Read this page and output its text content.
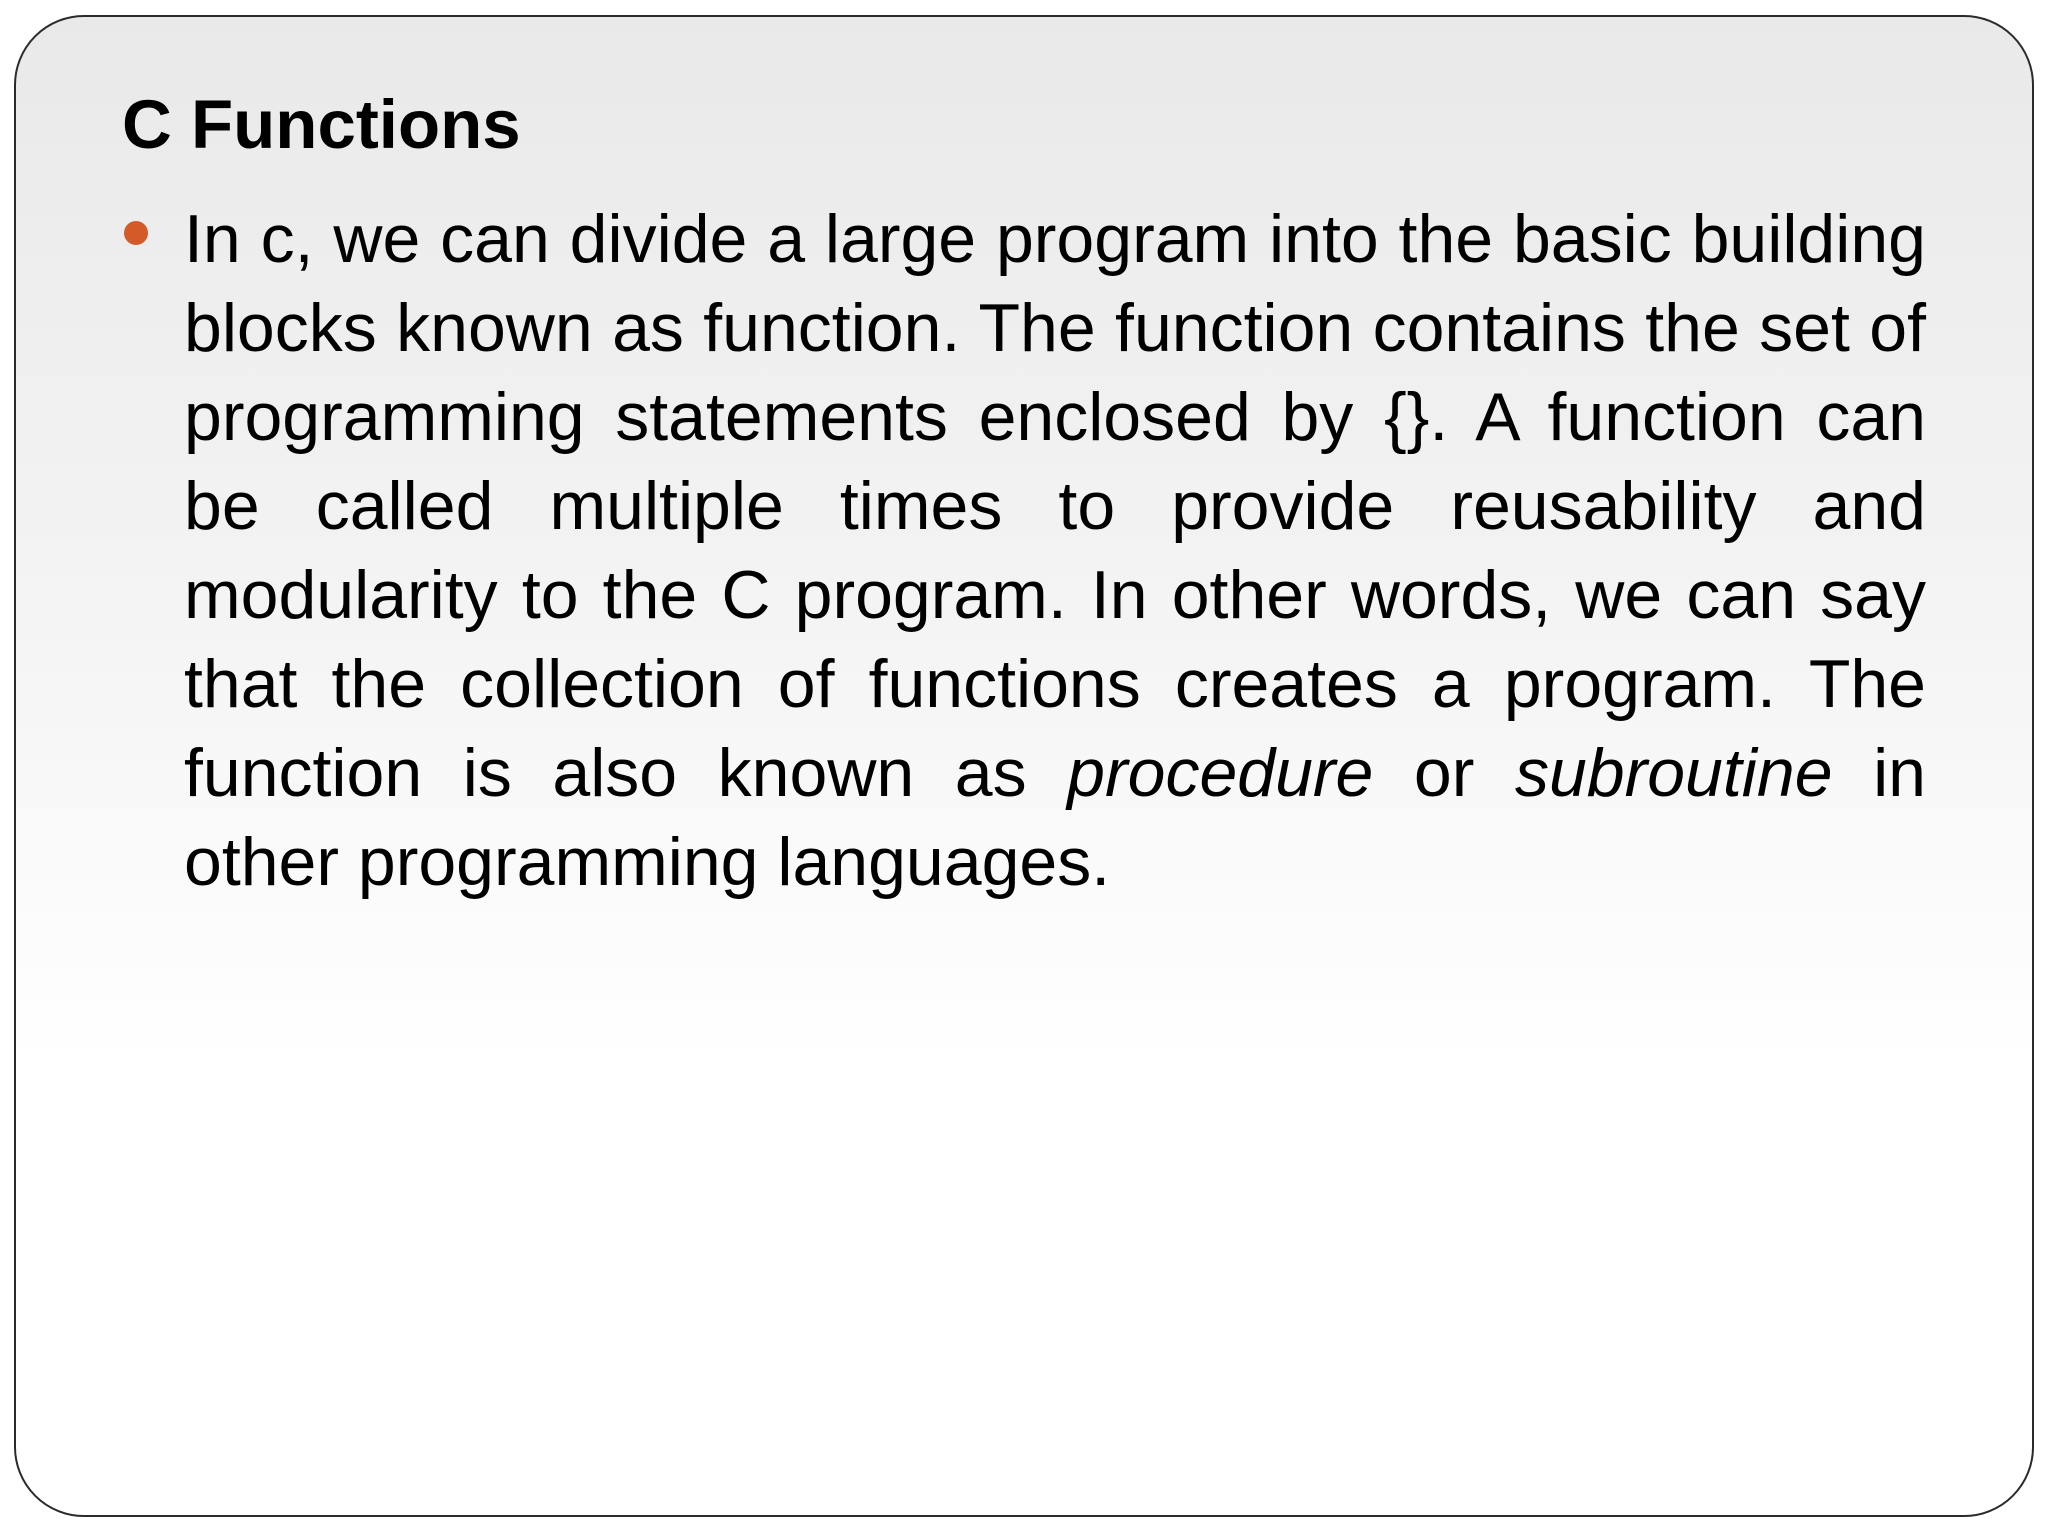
C Functions

In c, we can divide a large program into the basic building blocks known as function. The function contains the set of programming statements enclosed by {}. A function can be called multiple times to provide reusability and modularity to the C program. In other words, we can say that the collection of functions creates a program. The function is also known as procedure or subroutine in other programming languages.
